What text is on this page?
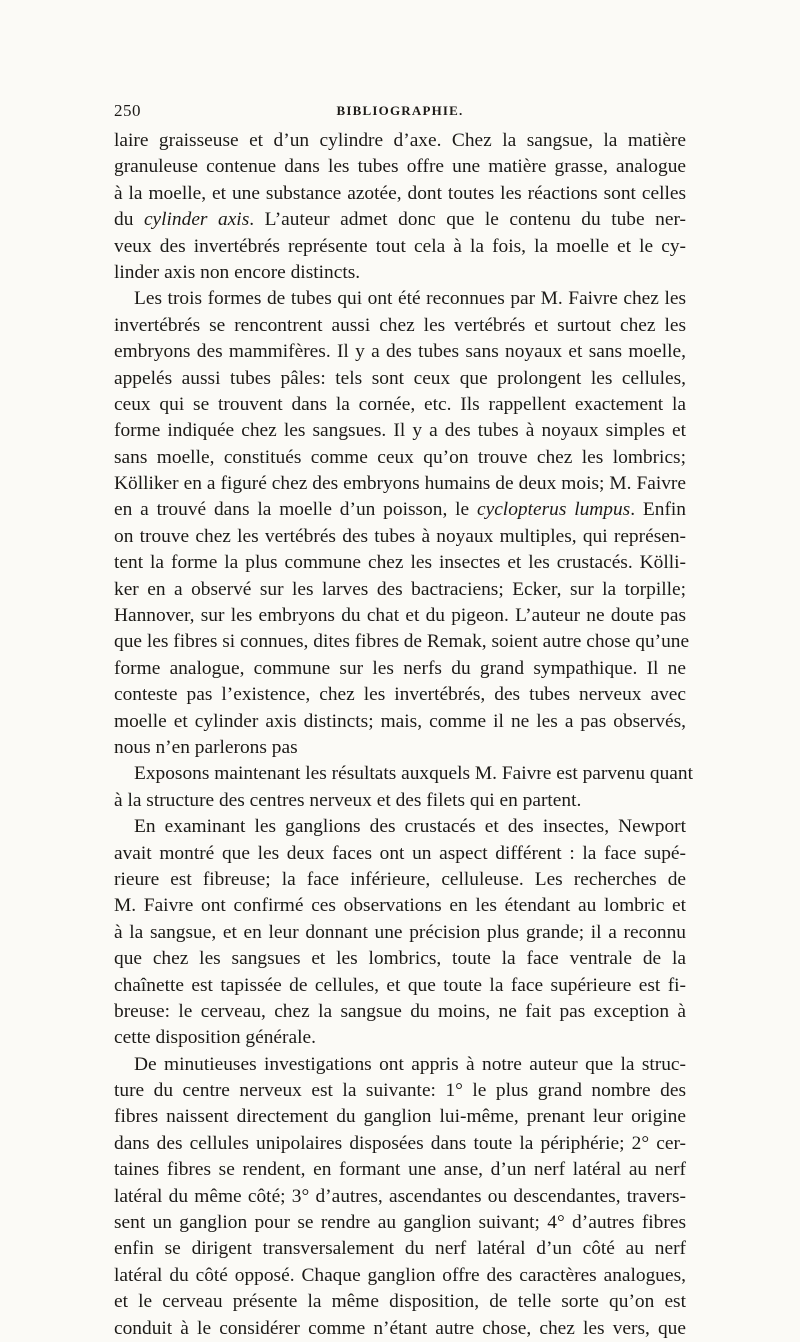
250	BIBLIOGRAPHIE.
laire graisseuse et d’un cylindre d’axe. Chez la sangsue, la matière
granuleuse contenue dans les tubes offre une matière grasse, analogue
à la moelle, et une substance azotée, dont toutes les réactions sont celles
du cylinder axis. L’auteur admet donc que le contenu du tube ner-
veux des invertébrés représente tout cela à la fois, la moelle et le cy-
linder axis non encore distincts.
Les trois formes de tubes qui ont été reconnues par M. Faivre chez les
invertébrés se rencontrent aussi chez les vertébrés et surtout chez les
embryons des mammifères. Il y a des tubes sans noyaux et sans moelle,
appelés aussi tubes pâles: tels sont ceux que prolongent les cellules,
ceux qui se trouvent dans la cornée, etc. Ils rappellent exactement la
forme indiquée chez les sangsues. Il y a des tubes à noyaux simples et
sans moelle, constitués comme ceux qu’on trouve chez les lombrics;
Kölliker en a figuré chez des embryons humains de deux mois; M. Faivre
en a trouvé dans la moelle d’un poisson, le cyclopterus lumpus. Enfin
on trouve chez les vertébrés des tubes à noyaux multiples, qui représen-
tent la forme la plus commune chez les insectes et les crustacés. Kölli-
ker en a observé sur les larves des bactraciens; Ecker, sur la torpille;
Hannover, sur les embryons du chat et du pigeon. L’auteur ne doute pas
que les fibres si connues, dites fibres de Remak, soient autre chose qu’une
forme analogue, commune sur les nerfs du grand sympathique. Il ne
conteste pas l’existence, chez les invertébrés, des tubes nerveux avec
moelle et cylinder axis distincts; mais, comme il ne les a pas observés,
nous n’en parlerons pas
Exposons maintenant les résultats auxquels M. Faivre est parvenu quant
à la structure des centres nerveux et des filets qui en partent.
En examinant les ganglions des crustacés et des insectes, Newport
avait montré que les deux faces ont un aspect différent : la face supé-
rieure est fibreuse; la face inférieure, celluleuse. Les recherches de
M. Faivre ont confirmé ces observations en les étendant au lombric et
à la sangsue, et en leur donnant une précision plus grande; il a reconnu
que chez les sangsues et les lombrics, toute la face ventrale de la
chaînette est tapissée de cellules, et que toute la face supérieure est fi-
breuse: le cerveau, chez la sangsue du moins, ne fait pas exception à
cette disposition générale.
De minutieuses investigations ont appris à notre auteur que la struc-
ture du centre nerveux est la suivante: 1° le plus grand nombre des
fibres naissent directement du ganglion lui-même, prenant leur origine
dans des cellules unipolaires disposées dans toute la périphérie; 2° cer-
taines fibres se rendent, en formant une anse, d’un nerf latéral au nerf
latéral du même côté; 3° d’autres, ascendantes ou descendantes, travers-
sent un ganglion pour se rendre au ganglion suivant; 4° d’autres fibres
enfin se dirigent transversalement du nerf latéral d’un côté au nerf
latéral du côté opposé. Chaque ganglion offre des caractères analogues,
et le cerveau présente la même disposition, de telle sorte qu’on est
conduit à le considérer comme n’étant autre chose, chez les vers, que
